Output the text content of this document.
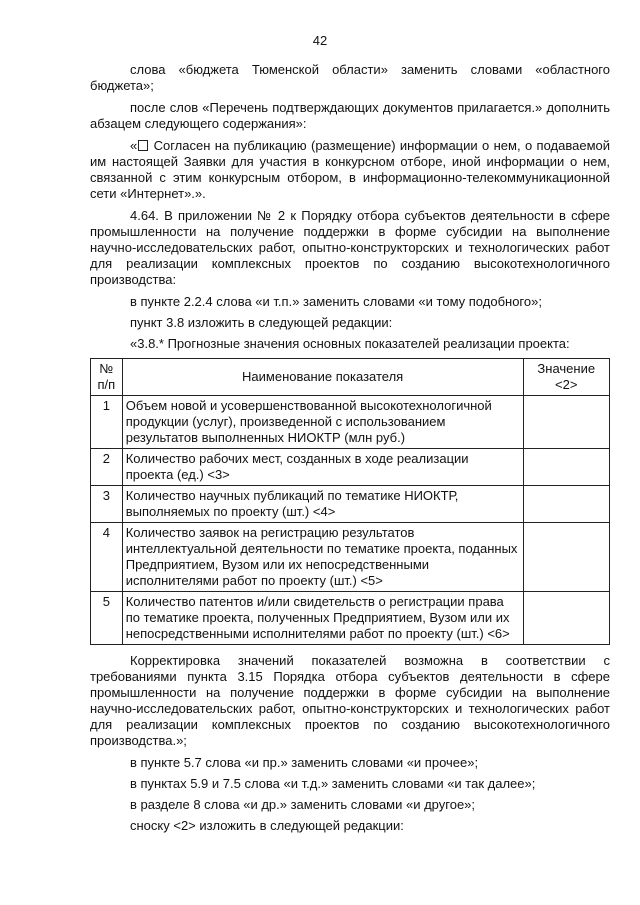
42

слова «бюджета Тюменской области» заменить словами «областного бюджета»;

после слов «Перечень подтверждающих документов прилагается.» дополнить абзацем следующего содержания»:

« Согласен на публикацию (размещение) информации о нем, о подаваемой им настоящей Заявки для участия в конкурсном отборе, иной информации о нем, связанной с этим конкурсным отбором, в информационно-телекоммуникационной сети «Интернет».».

4.64. В приложении № 2 к Порядку отбора субъектов деятельности в сфере промышленности на получение поддержки в форме субсидии на выполнение научно-исследовательских работ, опытно-конструкторских и технологических работ для реализации комплексных проектов по созданию высокотехнологичного производства:

в пункте 2.2.4 слова «и т.п.» заменить словами «и тому подобного»;

пункт 3.8 изложить в следующей редакции:

«3.8.* Прогнозные значения основных показателей реализации проекта:

№ п/п	Наименование показателя	Значение <2>
1	Объем новой и усовершенствованной высокотехнологичной продукции (услуг), произведенной с использованием результатов выполненных НИОКТР (млн руб.)	
2	Количество рабочих мест, созданных в ходе реализации проекта (ед.) <3>	
3	Количество научных публикаций по тематике НИОКТР, выполняемых по проекту (шт.) <4>	
4	Количество заявок на регистрацию результатов интеллектуальной деятельности по тематике проекта, поданных Предприятием, Вузом или их непосредственными исполнителями работ по проекту (шт.) <5>	
5	Количество патентов и/или свидетельств о регистрации права по тематике проекта, полученных Предприятием, Вузом или их непосредственными исполнителями работ по проекту (шт.) <6>	

Корректировка значений показателей возможна в соответствии с требованиями пункта 3.15 Порядка отбора субъектов деятельности в сфере промышленности на получение поддержки в форме субсидии на выполнение научно-исследовательских работ, опытно-конструкторских и технологических работ для реализации комплексных проектов по созданию высокотехнологичного производства.»;

в пункте 5.7 слова «и пр.» заменить словами «и прочее»;

в пунктах 5.9 и 7.5 слова «и т.д.» заменить словами «и так далее»;

в разделе 8 слова «и др.» заменить словами «и другое»;

сноску <2> изложить в следующей редакции:
